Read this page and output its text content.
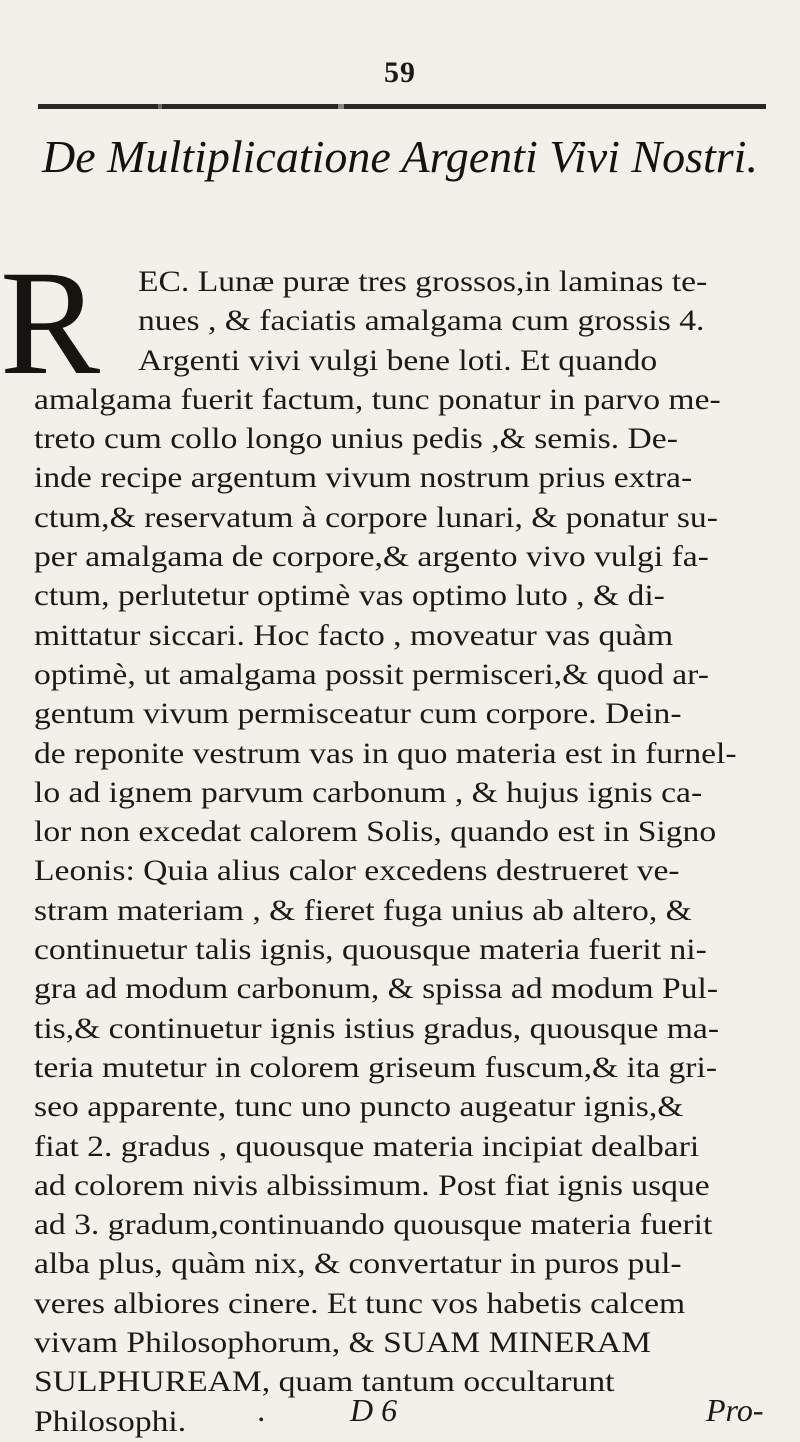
59
De Multiplicatione Argenti Vivi Nostri.
R	EC. Lunæ puræ tres grossos,in laminas te-
nues , & faciatis amalgama cum grossis 4.
Argenti vivi vulgi bene loti. Et quando
amalgama fuerit factum, tunc ponatur in parvo me-
treto cum collo longo unius pedis ,& semis. De-
inde recipe argentum vivum nostrum prius extra-
ctum,& reservatum à corpore lunari, & ponatur su-
per amalgama de corpore,& argento vivo vulgi fa-
ctum, perlutetur optimè vas optimo luto , & di-
mittatur siccari. Hoc facto , moveatur vas quàm
optimè, ut amalgama possit permisceri,& quod ar-
gentum vivum permisceatur cum corpore. Dein-
de reponite vestrum vas in quo materia est in furnel-
lo ad ignem parvum carbonum , & hujus ignis ca-
lor non excedat calorem Solis, quando est in Signo
Leonis: Quia alius calor excedens destrueret ve-
stram materiam , & fieret fuga unius ab altero, &
continuetur talis ignis, quousque materia fuerit ni-
gra ad modum carbonum, & spissa ad modum Pul-
tis,& continuetur ignis istius gradus, quousque ma-
teria mutetur in colorem griseum fuscum,& ita gri-
seo apparente, tunc uno puncto augeatur ignis,&
fiat 2. gradus , quousque materia incipiat dealbari
ad colorem nivis albissimum. Post fiat ignis usque
ad 3. gradum,continuando quousque materia fuerit
alba plus, quàm nix, & convertatur in puros pul-
veres albiores cinere. Et tunc vos habetis calcem
vivam Philosophorum, & SUAM MINERAM
SULPHUREAM, quam tantum occultarunt
Philosophi.	.	D 6	Pro-
